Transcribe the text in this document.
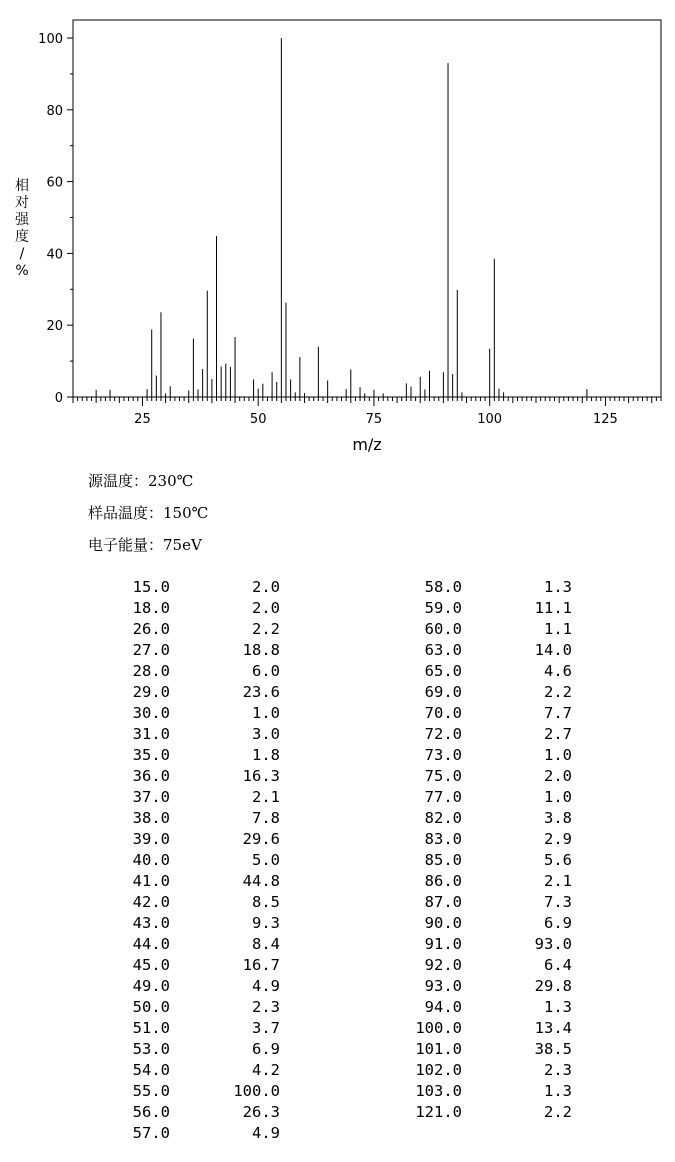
0
20
40
60
80
100
25	50	75	100	125
m/z
相
对
强
度
/
%
源温度：230℃
样品温度：150℃
电子能量：75eV
15.0	2.0
18.0	2.0
26.0	2.2
27.0	18.8
28.0	6.0
29.0	23.6
30.0	1.0
31.0	3.0
35.0	1.8
36.0	16.3
37.0	2.1
38.0	7.8
39.0	29.6
40.0	5.0
41.0	44.8
42.0	8.5
43.0	9.3
44.0	8.4
45.0	16.7
49.0	4.9
50.0	2.3
51.0	3.7
53.0	6.9
54.0	4.2
55.0	100.0
56.0	26.3
57.0	4.9
58.0	1.3
59.0	11.1
60.0	1.1
63.0	14.0
65.0	4.6
69.0	2.2
70.0	7.7
72.0	2.7
73.0	1.0
75.0	2.0
77.0	1.0
82.0	3.8
83.0	2.9
85.0	5.6
86.0	2.1
87.0	7.3
90.0	6.9
91.0	93.0
92.0	6.4
93.0	29.8
94.0	1.3
100.0	13.4
101.0	38.5
102.0	2.3
103.0	1.3
121.0	2.2
